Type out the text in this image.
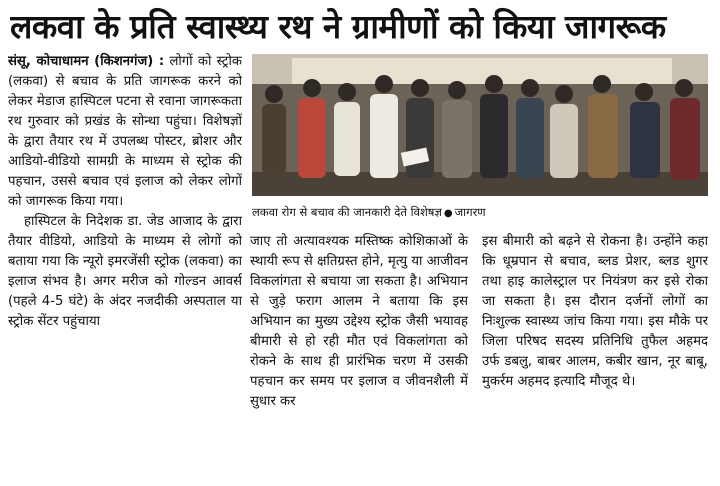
लकवा के प्रति स्वास्थ्य रथ ने ग्रामीणों को किया जागरूक

संसू, कोचाधामन (किशनगंज) : लोगों को स्ट्रोक (लकवा) से बचाव के प्रति जागरूक करने को लेकर मेडाज हास्पिटल पटना से रवाना जागरूकता रथ गुरुवार को प्रखंड के सोन्था पहुंचा। विशेषज्ञों के द्वारा तैयार रथ में उपलब्ध पोस्टर, ब्रोशर और आडियो-वीडियो सामग्री के माध्यम से स्ट्रोक की पहचान, उससे बचाव एवं इलाज को लेकर लोगों को जागरूक किया गया।

हास्पिटल के निदेशक डा. जेड आजाद के द्वारा तैयार वीडियो, आडियो के माध्यम से लोगों को बताया गया कि न्यूरो इमरजेंसी स्ट्रोक (लकवा) का इलाज संभव है। अगर मरीज को गोल्डन आवर्स (पहले 4-5 घंटे) के अंदर नजदीकी अस्पताल या स्ट्रोक सेंटर पहुंचाया

लकवा रोग से बचाव की जानकारी देते विशेषज्ञ ● जागरण

जाए तो अत्यावश्यक मस्तिष्क कोशिकाओं के स्थायी रूप से क्षतिग्रस्त होने, मृत्यु या आजीवन विकलांगता से बचाया जा सकता है। अभियान से जुड़े फराग आलम ने बताया कि इस अभियान का मुख्य उद्देश्य स्ट्रोक जैसी भयावह बीमारी से हो रही मौत एवं विकलांगता को रोकने के साथ ही प्रारंभिक चरण में उसकी पहचान कर समय पर इलाज व जीवनशैली में सुधार कर

इस बीमारी को बढ़ने से रोकना है। उन्होंने कहा कि धूम्रपान से बचाव, ब्लड प्रेशर, ब्लड शुगर तथा हाइ कालेस्ट्राल पर नियंत्रण कर इसे रोका जा सकता है। इस दौरान दर्जनों लोगों का निःशुल्क स्वास्थ्य जांच किया गया। इस मौके पर जिला परिषद सदस्य प्रतिनिधि तुफैल अहमद उर्फ डबलु, बाबर आलम, कबीर खान, नूर बाबू, मुकर्रम अहमद इत्यादि मौजूद थे।
